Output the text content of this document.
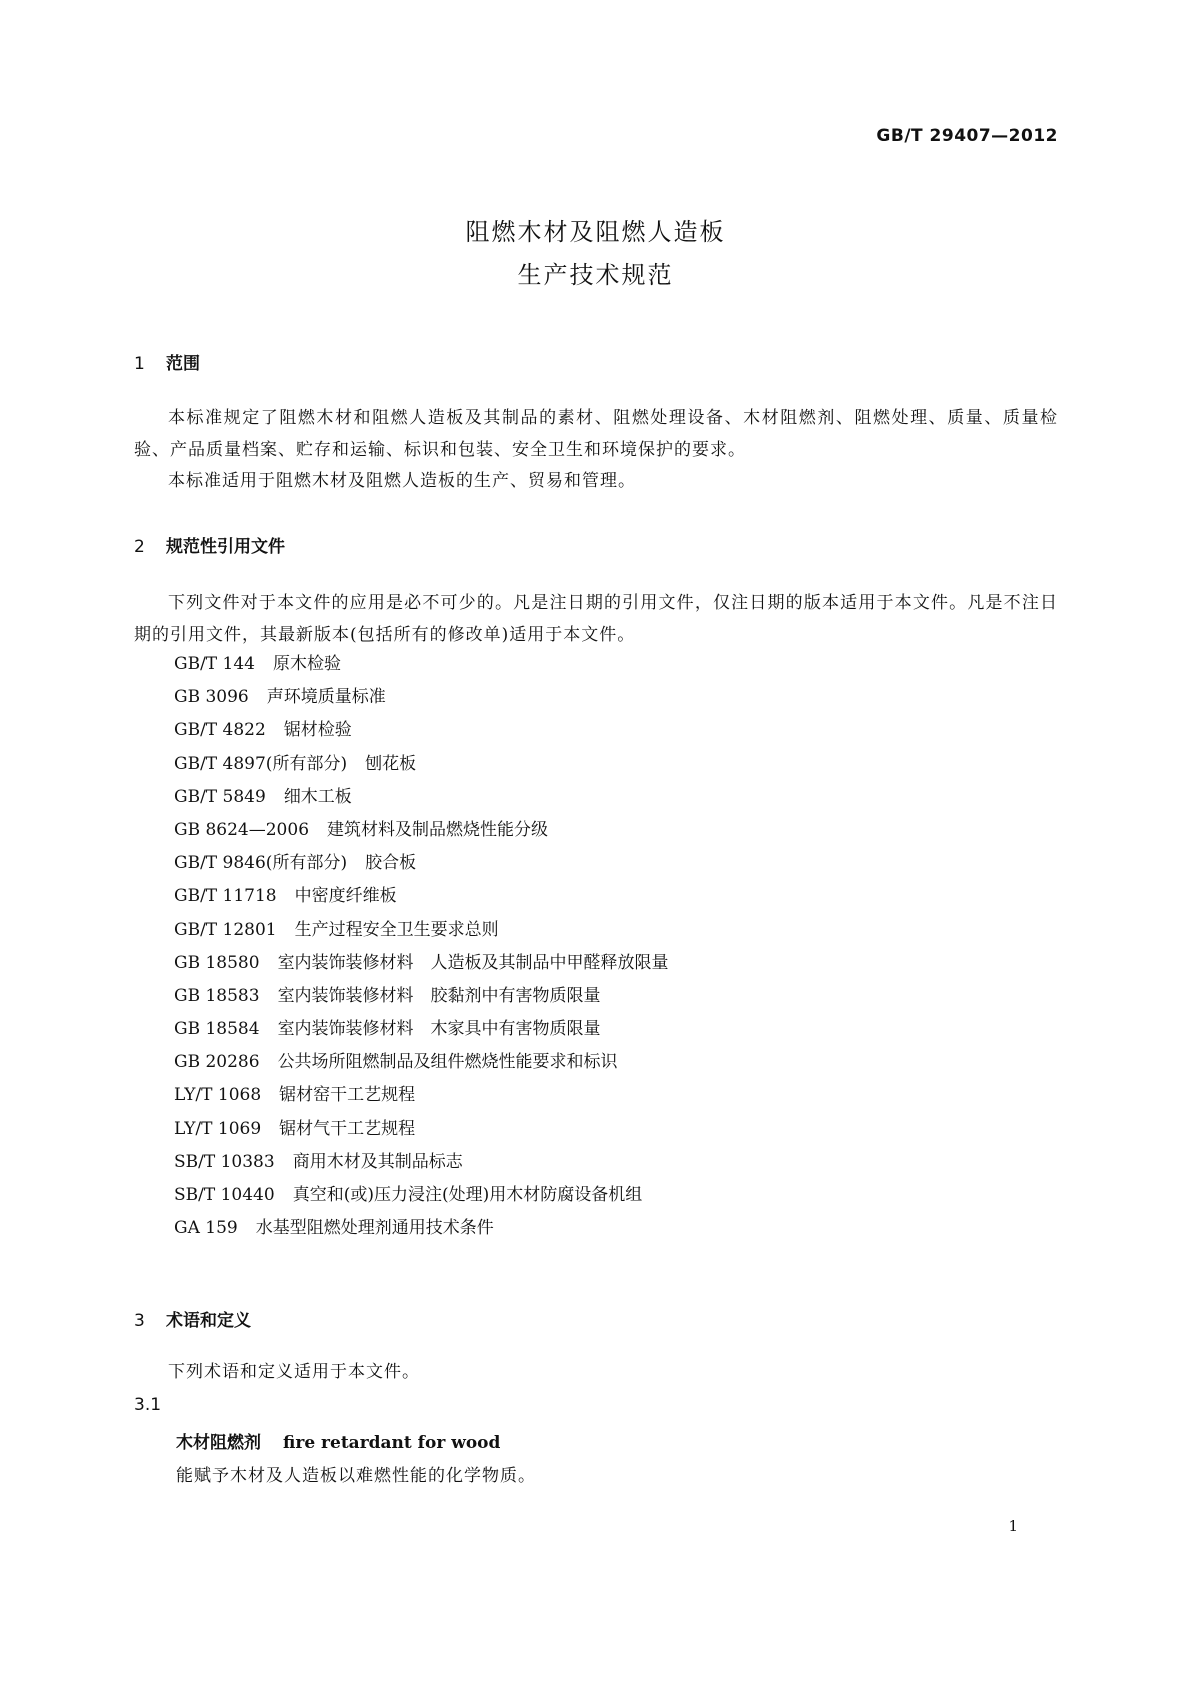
GB/T 29407—2012
阻燃木材及阻燃人造板
生产技术规范
1 范围
本标准规定了阻燃木材和阻燃人造板及其制品的素材、阻燃处理设备、木材阻燃剂、阻燃处理、质量、质量检验、产品质量档案、贮存和运输、标识和包装、安全卫生和环境保护的要求。
本标准适用于阻燃木材及阻燃人造板的生产、贸易和管理。
2 规范性引用文件
下列文件对于本文件的应用是必不可少的。凡是注日期的引用文件，仅注日期的版本适用于本文件。凡是不注日期的引用文件，其最新版本(包括所有的修改单)适用于本文件。
GB/T 144 原木检验
GB 3096 声环境质量标准
GB/T 4822 锯材检验
GB/T 4897(所有部分) 刨花板
GB/T 5849 细木工板
GB 8624—2006 建筑材料及制品燃烧性能分级
GB/T 9846(所有部分) 胶合板
GB/T 11718 中密度纤维板
GB/T 12801 生产过程安全卫生要求总则
GB 18580 室内装饰装修材料　人造板及其制品中甲醛释放限量
GB 18583 室内装饰装修材料　胶黏剂中有害物质限量
GB 18584 室内装饰装修材料　木家具中有害物质限量
GB 20286 公共场所阻燃制品及组件燃烧性能要求和标识
LY/T 1068 锯材窑干工艺规程
LY/T 1069 锯材气干工艺规程
SB/T 10383 商用木材及其制品标志
SB/T 10440 真空和(或)压力浸注(处理)用木材防腐设备机组
GA 159 水基型阻燃处理剂通用技术条件
3 术语和定义
下列术语和定义适用于本文件。
3.1
木材阻燃剂 fire retardant for wood
能赋予木材及人造板以难燃性能的化学物质。
1
